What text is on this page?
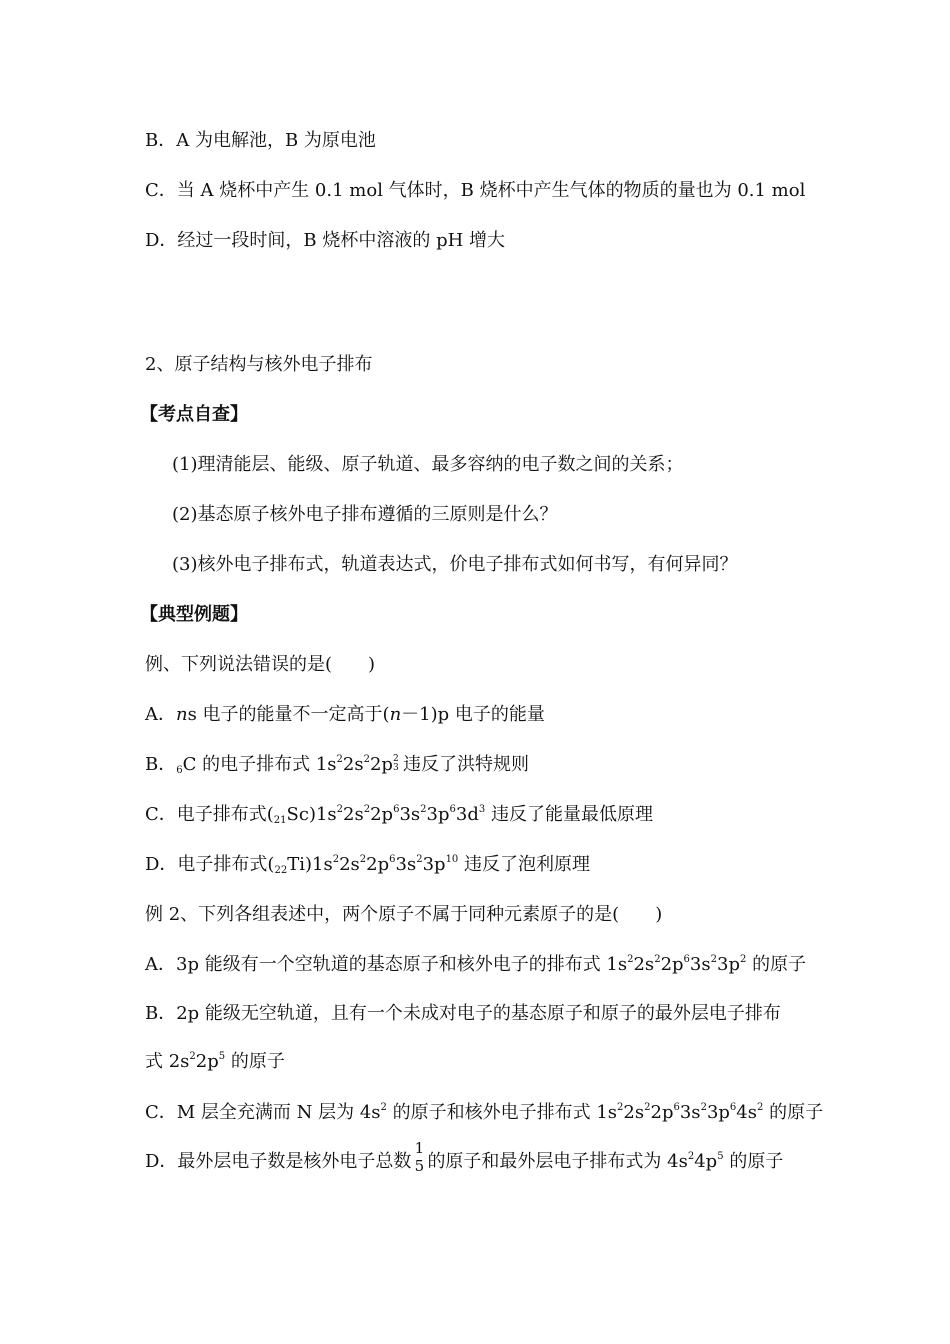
B．A 为电解池，B 为原电池
C．当 A 烧杯中产生 0.1 mol 气体时，B 烧杯中产生气体的物质的量也为 0.1 mol
D．经过一段时间，B 烧杯中溶液的 pH 增大
2、原子结构与核外电子排布
【考点自查】
(1)理清能层、能级、原子轨道、最多容纳的电子数之间的关系；
(2)基态原子核外电子排布遵循的三原则是什么？
(3)核外电子排布式，轨道表达式，价电子排布式如何书写，有何异同？
【典型例题】
例、下列说法错误的是(　　)
A．ns 电子的能量不一定高于(n－1)p 电子的能量
B．$_6$C 的电子排布式 $1s^22s^22p$ 2
3 违反了洪特规则
C．电子排布式$(_{21}Sc)1s^22s^22p^63s^23p^63d^3$ 违反了能量最低原理
D．电子排布式$(_{22}Ti)1s^22s^22p^63s^23p^{10}$ 违反了泡利原理
例 2、下列各组表述中，两个原子不属于同种元素原子的是(　　)
A．3p 能级有一个空轨道的基态原子和核外电子的排布式 $1s^22s^22p^63s^23p^2$ 的原子
B．2p 能级无空轨道，且有一个未成对电子的基态原子和原子的最外层电子排布
式 $2s^22p^5$ 的原子
C．M 层全充满而 N 层为 $4s^2$ 的原子和核外电子排布式 $1s^22s^22p^63s^23p^64s^2$ 的原子
D．最外层电子数是核外电子总数
1
5 的原子和最外层电子排布式为 $4s^24p^5$ 的原子
